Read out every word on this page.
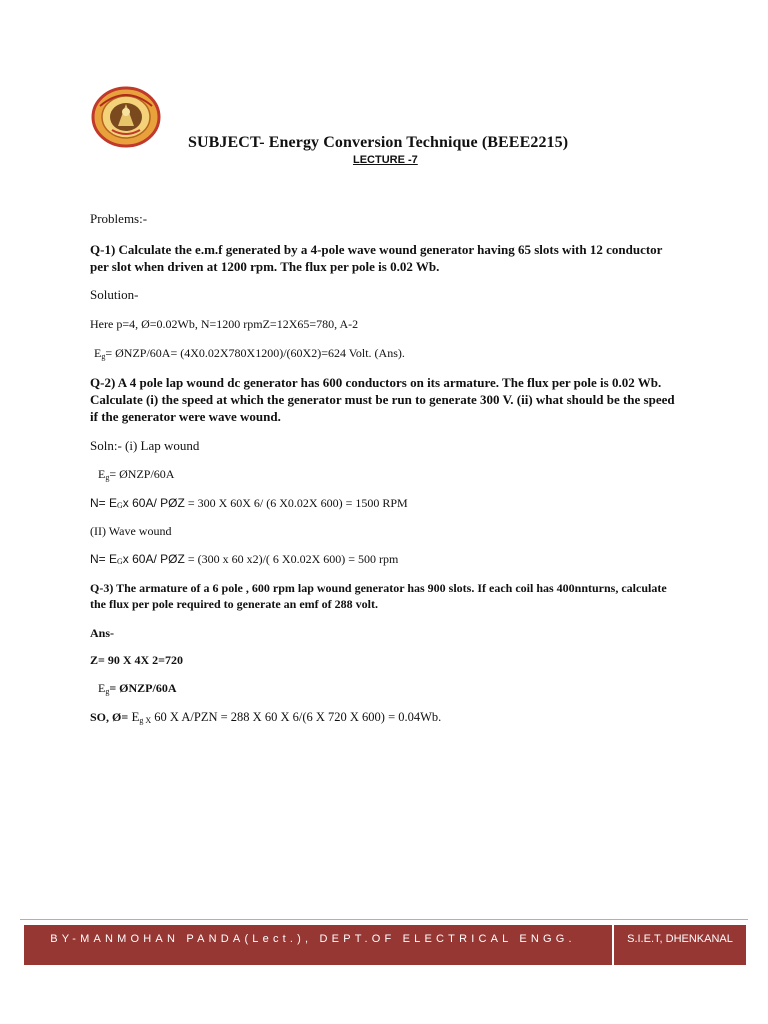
SUBJECT- Energy Conversion Technique (BEEE2215)
LECTURE -7
Problems:-
Q-1) Calculate the e.m.f generated by a 4-pole wave wound generator having 65 slots with 12 conductor per slot when driven at 1200 rpm. The flux per pole is 0.02 Wb.
Solution-
Here p=4, Ø=0.02Wb, N=1200 rpmZ=12X65=780, A-2
$E_g=$ ØNZP/60A= (4X0.02X780X1200)/(60X2)=624 Volt. (Ans).
Q-2) A 4 pole lap wound dc generator has 600 conductors on its armature. The flux per pole is 0.02 Wb. Calculate (i) the speed at which the generator must be run to generate 300 V. (ii) what should be the speed if the generator were wave wound.
Soln:- (i) Lap wound
$E_g=$ ØNZP/60A
N= EGx 60A/ PØZ = 300 X 60X 6/ (6 X0.02X 600) = 1500 RPM
(II) Wave wound
N= EGx 60A/ PØZ = (300 x 60 x2)/( 6 X0.02X 600) = 500 rpm
Q-3) The armature of a 6 pole , 600 rpm lap wound generator has 900 slots. If each coil has 400nnturns, calculate the flux per pole required to generate an emf of 288 volt.
Ans-
Z= 90 X 4X 2=720
$E_g=$ ØNZP/60A
SO, Ø= $E_{g X}$ 60 X A/PZN = 288 X 60 X 6/(6 X 720 X 600) = 0.04Wb.
BY-MANMOHAN PANDA(Lect.), DEPT.OF ELECTRICAL ENGG.	S.I.E.T, DHENKANAL
